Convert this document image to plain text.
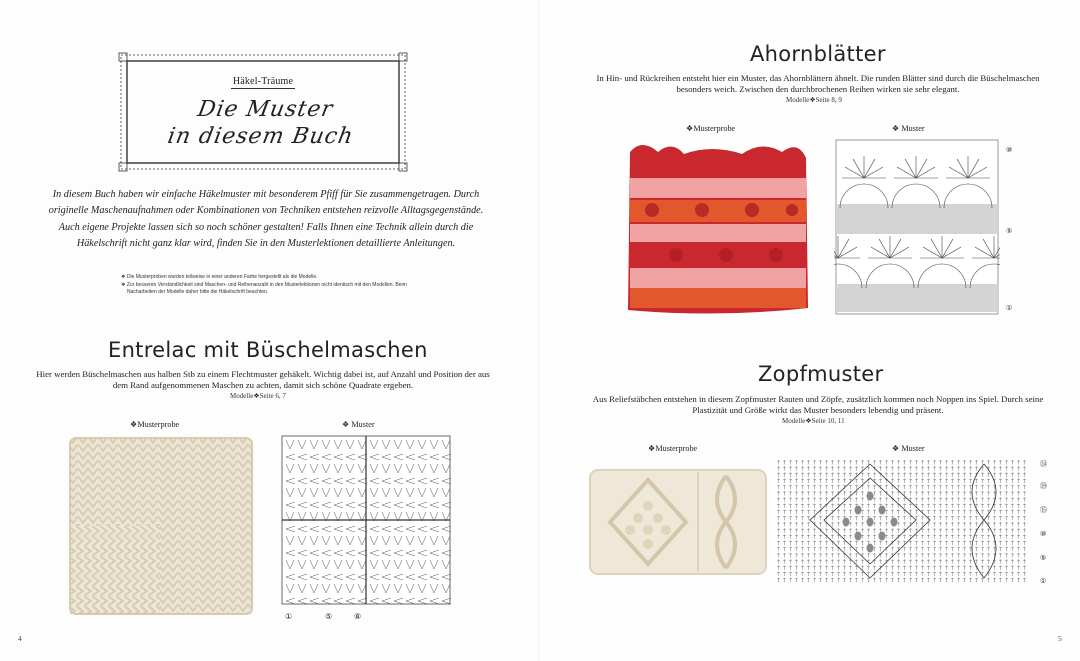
Häkel-Träume
Die Muster
in diesem Buch

In diesem Buch haben wir einfache Häkelmuster mit besonderem Pfiff für Sie zusammengetragen. Durch originelle Maschenaufnahmen oder Kombinationen von Techniken entstehen reizvolle Alltagsgegenstände. Auch eigene Projekte lassen sich so noch schöner gestalten! Falls Ihnen eine Technik allein durch die Häkelschrift nicht ganz klar wird, finden Sie in den Musterlektionen detaillierte Anleitungen.

❖ Die Musterproben wurden teilweise in einer anderen Farbe hergestellt als die Modelle.
❖ Zur besseren Verständlichkeit sind Maschen- und Reihenanzahl in den Musterlektionen nicht identisch mit den Modellen. Beim Nacharbeiten der Modelle daher bitte die Häkelschrift beachten.
Entrelac mit Büschelmaschen

Hier werden Büschelmaschen aus halben Stb zu einem Flechtmuster gehäkelt. Wichtig dabei ist, auf Anzahl und Position der aus dem Rand aufgenommenen Maschen zu achten, damit sich schöne Quadrate ergeben.

Modelle❖Seite 6, 7
❖Musterprobe	❖ Muster
①	⑤	⑧
4
Ahornblätter

In Hin- und Rückreihen entsteht hier ein Muster, das Ahornblättern ähnelt. Die runden Blätter sind durch die Büschelmaschen besonders weich. Zwischen den durchbrochenen Reihen wirken sie sehr elegant.

Modelle❖Seite 8, 9
❖Musterprobe	❖ Muster
⑩
⑤
①
Zopfmuster

Aus Reliefstäbchen entstehen in diesem Zopfmuster Rauten und Zöpfe, zusätzlich kommen noch Noppen ins Spiel. Durch seine Plastizität und Größe wirkt das Muster besonders lebendig und präsent.

Modelle❖Seite 10, 11
❖Musterprobe	❖ Muster
㉔
⑳
⑮
⑩
⑤
①
5
